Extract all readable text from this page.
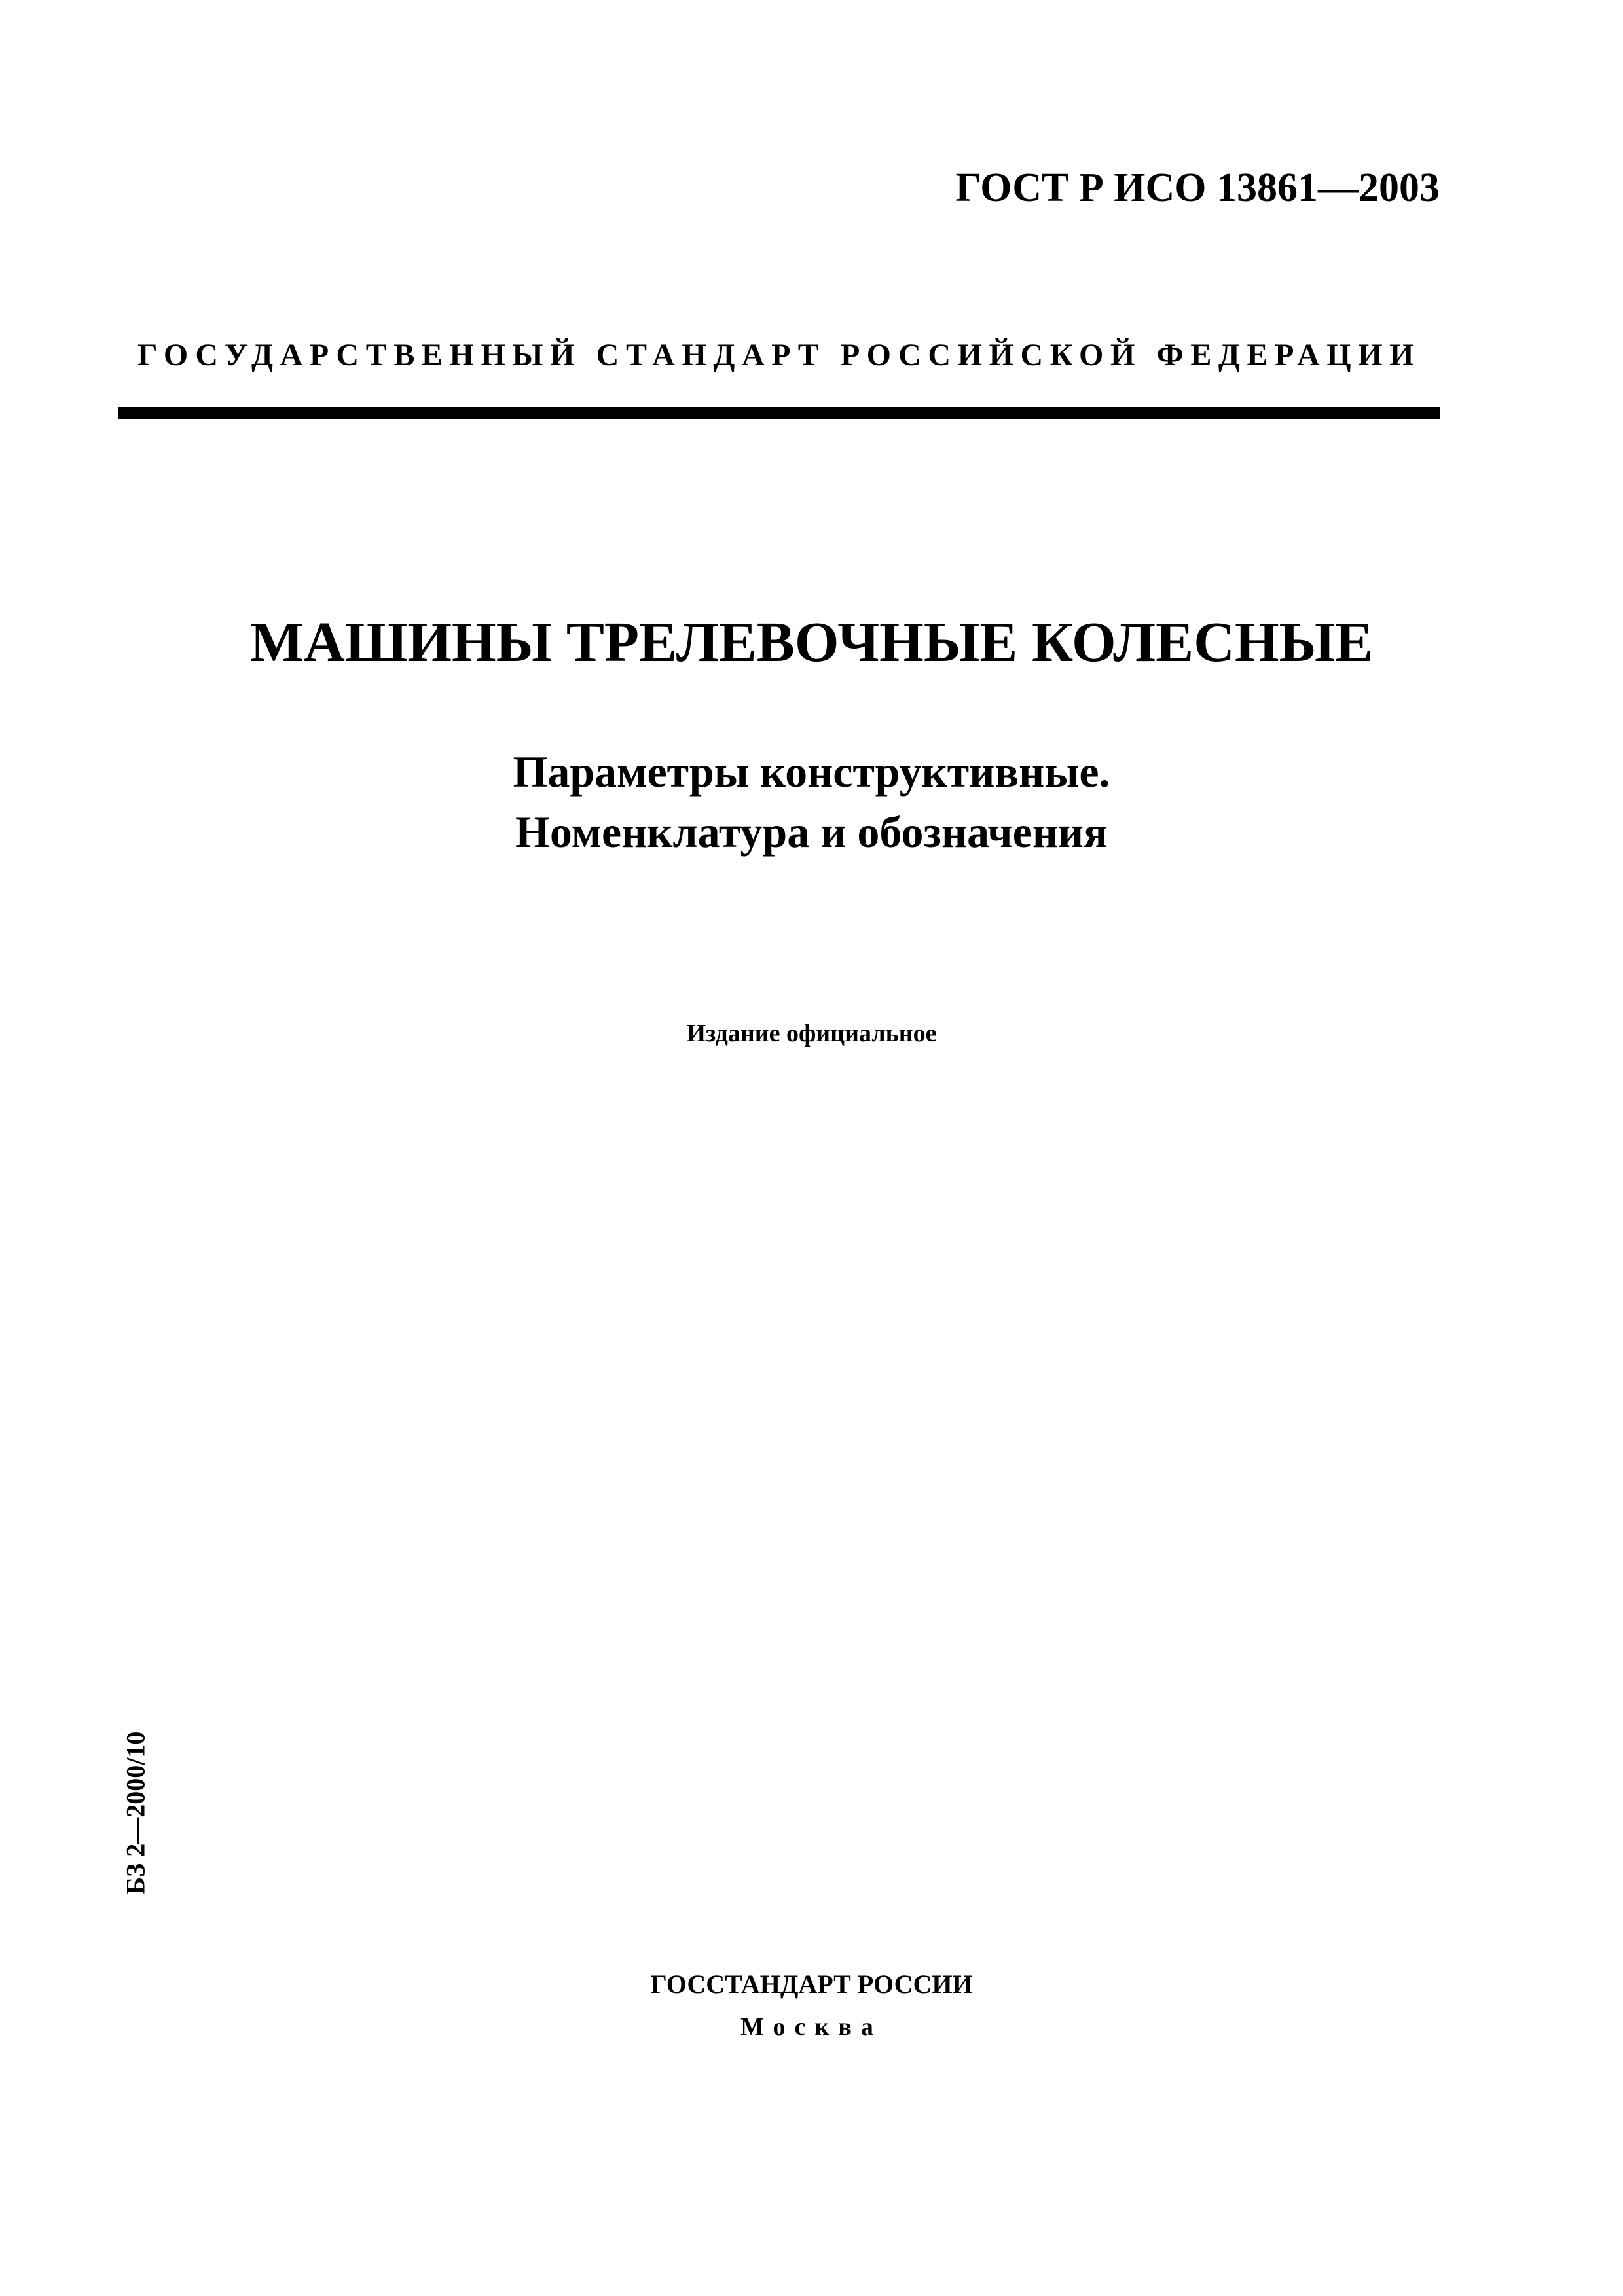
ГОСТ Р ИСО 13861—2003
ГОСУДАРСТВЕННЫЙ СТАНДАРТ РОССИЙСКОЙ ФЕДЕРАЦИИ
МАШИНЫ ТРЕЛЕВОЧНЫЕ КОЛЕСНЫЕ
Параметры конструктивные.
Номенклатура и обозначения
Издание официальное
БЗ 2—2000/10
ГОССТАНДАРТ РОССИИ
Москва
